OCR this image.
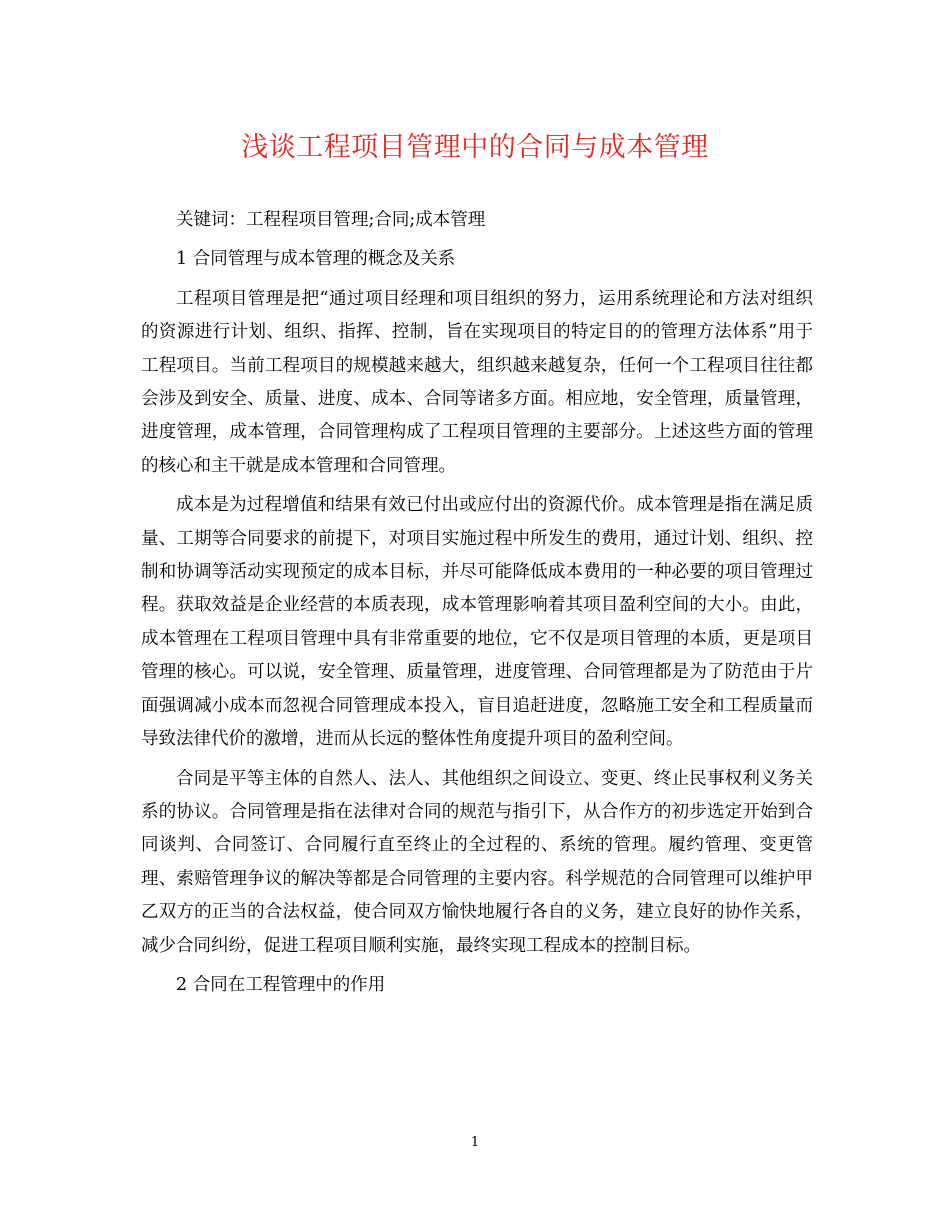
浅谈工程项目管理中的合同与成本管理

关键词：工程程项目管理;合同;成本管理

1 合同管理与成本管理的概念及关系

工程项目管理是把“通过项目经理和项目组织的努力，运用系统理论和方法对组织的资源进行计划、组织、指挥、控制，旨在实现项目的特定目的的管理方法体系”用于工程项目。当前工程项目的规模越来越大，组织越来越复杂，任何一个工程项目往往都会涉及到安全、质量、进度、成本、合同等诸多方面。相应地，安全管理，质量管理，进度管理，成本管理，合同管理构成了工程项目管理的主要部分。上述这些方面的管理的核心和主干就是成本管理和合同管理。

成本是为过程增值和结果有效已付出或应付出的资源代价。成本管理是指在满足质量、工期等合同要求的前提下，对项目实施过程中所发生的费用，通过计划、组织、控制和协调等活动实现预定的成本目标，并尽可能降低成本费用的一种必要的项目管理过程。获取效益是企业经营的本质表现，成本管理影响着其项目盈利空间的大小。由此，成本管理在工程项目管理中具有非常重要的地位，它不仅是项目管理的本质，更是项目管理的核心。可以说，安全管理、质量管理，进度管理、合同管理都是为了防范由于片面强调减小成本而忽视合同管理成本投入，盲目追赶进度，忽略施工安全和工程质量而导致法律代价的激增，进而从长远的整体性角度提升项目的盈利空间。

合同是平等主体的自然人、法人、其他组织之间设立、变更、终止民事权利义务关系的协议。合同管理是指在法律对合同的规范与指引下，从合作方的初步选定开始到合同谈判、合同签订、合同履行直至终止的全过程的、系统的管理。履约管理、变更管理、索赔管理争议的解决等都是合同管理的主要内容。科学规范的合同管理可以维护甲乙双方的正当的合法权益，使合同双方愉快地履行各自的义务，建立良好的协作关系，减少合同纠纷，促进工程项目顺利实施，最终实现工程成本的控制目标。

2 合同在工程管理中的作用

1
